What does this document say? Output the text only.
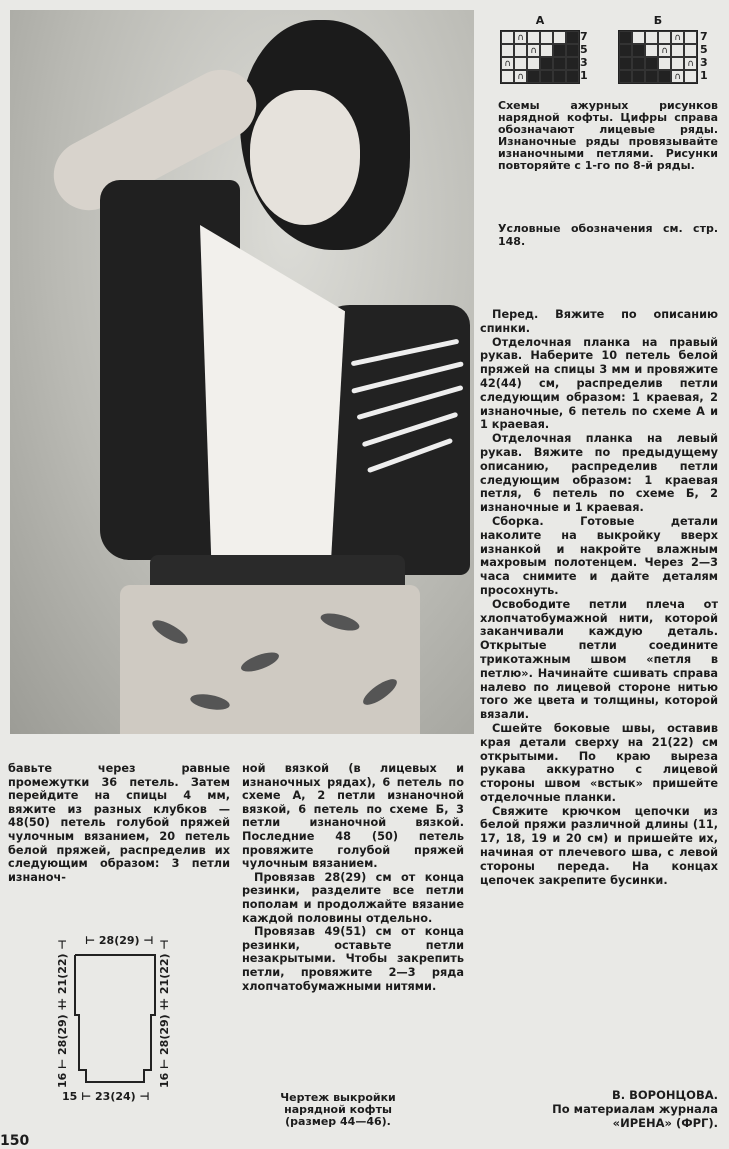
А
∩
∩
∩
∩
7
5
3
1
Б
∩
∩
∩
∩
7
5
3
1
Схемы ажурных рисунков нарядной кофты. Цифры справа обозначают лицевые ряды. Изнаночные ряды провязывайте изнаночными петлями. Рисунки повторяйте с 1-го по 8-й ряды.
Условные обозначения см. стр. 148.

Перед. Вяжите по описанию спинки.

Отделочная планка на правый рукав. Наберите 10 петель белой пряжей на спицы 3 мм и провяжите 42(44) см, распределив петли следующим образом: 1 краевая, 2 изнаночные, 6 петель по схеме А и 1 краевая.

Отделочная планка на левый рукав. Вяжите по предыдущему описанию, распределив петли следующим образом: 1 краевая петля, 6 петель по схеме Б, 2 изнаночные и 1 краевая.

Сборка. Готовые детали наколите на выкройку вверх изнанкой и накройте влажным махровым полотенцем. Через 2—3 часа снимите и дайте деталям просохнуть.

Освободите петли плеча от хлопчатобумажной нити, которой заканчивали каждую деталь. Открытые петли соедините трикотажным швом «петля в петлю». Начинайте сшивать справа налево по лицевой стороне нитью того же цвета и толщины, которой вязали.

Сшейте боковые швы, оставив края детали сверху на 21(22) см открытыми. По краю выреза рукава аккуратно с лицевой стороны швом «встык» пришейте отделочные планки.

Свяжите крючком цепочки из белой пряжи различной длины (11, 17, 18, 19 и 20 см) и пришейте их, начиная от плечевого шва, с левой стороны переда. На концах цепочек закрепите бусинки.

бавьте через равные промежутки 36 петель. Затем перейдите на спицы 4 мм, вяжите из разных клубков — 48(50) петель голубой пряжей чулочным вязанием, 20 петель белой пряжей, распределив их следующим образом: 3 петли изнаноч-

ной вязкой (в лицевых и изнаночных рядах), 6 петель по схеме А, 2 петли изнаночной вязкой, 6 петель по схеме Б, 3 петли изнаночной вязкой. Последние 48 (50) петель провяжите голубой пряжей чулочным вязанием.

Провязав 28(29) см от конца резинки, разделите все петли пополам и продолжайте вязание каждой половины отдельно.

Провязав 49(51) см от конца резинки, оставьте петли незакрытыми. Чтобы закрепить петли, провяжите 2—3 ряда хлопчатобумажными нитями.

⊢ 28(29) ⊣
15 ⊢ 23(24) ⊣
⊢ 21(22) ⊣
16 ⊢ 28(29) ⊣
⊢ 21(22) ⊣
16 ⊢ 28(29) ⊣
Чертеж выкройки нарядной кофты (размер 44—46).
В. ВОРОНЦОВА.
По материалам журнала
«ИРЕНА» (ФРГ).
150
